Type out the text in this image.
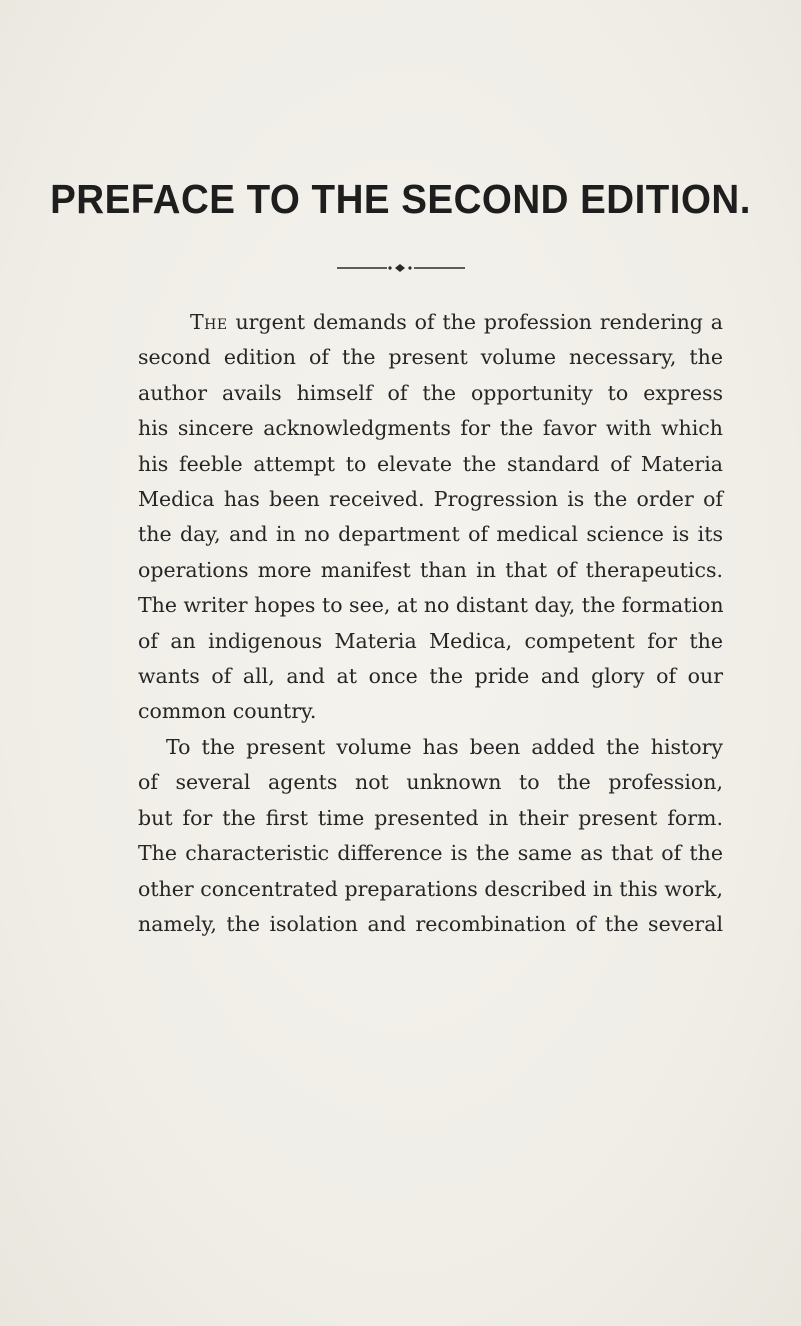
PREFACE TO THE SECOND EDITION.

The urgent demands of the profession rendering a
second edition of the present volume necessary, the
author avails himself of the opportunity to express
his sincere acknowledgments for the favor with which
his feeble attempt to elevate the standard of Materia
Medica has been received. Progression is the order of
the day, and in no department of medical science is its
operations more manifest than in that of therapeutics.
The writer hopes to see, at no distant day, the formation
of an indigenous Materia Medica, competent for the
wants of all, and at once the pride and glory of our
common country.

To the present volume has been added the history
of several agents not unknown to the profession,
but for the first time presented in their present form.
The characteristic difference is the same as that of the
other concentrated preparations described in this work,
namely, the isolation and recombination of the several
